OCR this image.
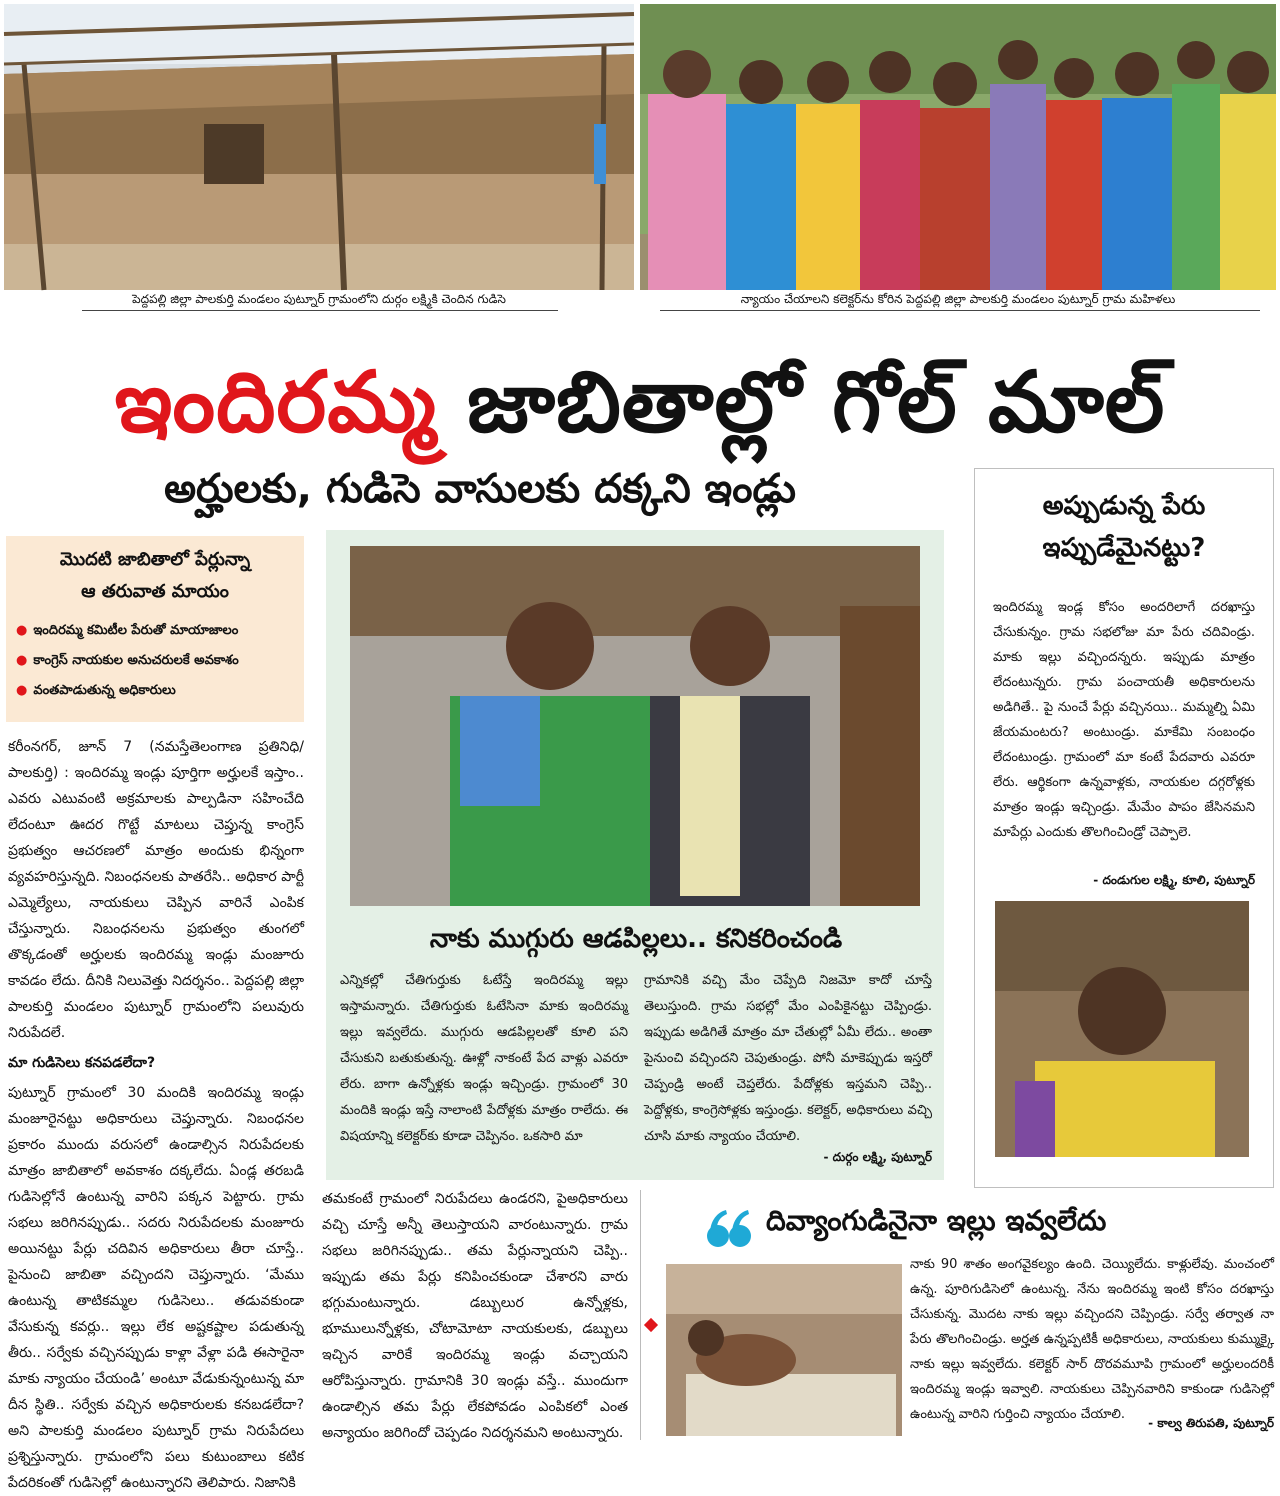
పెద్దపల్లి జిల్లా పాలకుర్తి మండలం పుట్నూర్ గ్రామంలోని దుర్గం లక్ష్మికి చెందిన గుడిసె	న్యాయం చేయాలని కలెక్టర్‌ను కోరిన పెద్దపల్లి జిల్లా పాలకుర్తి మండలం పుట్నూర్ గ్రామ మహిళలు
ఇందిరమ్మ జాబితాల్లో గోల్ మాల్
అర్హులకు, గుడిసె వాసులకు దక్కని ఇండ్లు
మొదటి జాబితాలో పేర్లున్నా
ఆ తరువాత మాయం
● ఇందిరమ్మ కమిటీల పేరుతో మాయాజాలం
● కాంగ్రెస్ నాయకుల అనుచరులకే అవకాశం
● వంతపాడుతున్న అధికారులు

కరీంనగర్, జూన్ 7 (నమస్తేతెలంగాణ ప్రతినిధి/ పాలకుర్తి) : ఇందిరమ్మ ఇండ్లు పూర్తిగా అర్హులకే ఇస్తాం.. ఎవరు ఎటువంటి అక్రమాలకు పాల్పడినా సహించేది లేదంటూ ఊదర గొట్టే మాటలు చెప్తున్న కాంగ్రెస్ ప్రభుత్వం ఆచరణలో మాత్రం అందుకు భిన్నంగా వ్యవహరిస్తున్నది. నిబంధనలకు పాతరేసి.. అధికార పార్టీ ఎమ్మెల్యేలు, నాయకులు చెప్పిన వారినే ఎంపిక చేస్తున్నారు. నిబంధనలను ప్రభుత్వం తుంగలో తొక్కడంతో అర్హులకు ఇందిరమ్మ ఇండ్లు మంజూరు కావడం లేదు. దీనికి నిలువెత్తు నిదర్శనం.. పెద్దపల్లి జిల్లా పాలకుర్తి మండలం పుట్నూర్ గ్రామంలోని పలువురు నిరుపేదలే.

మా గుడిసెలు కనపడలేదా?

పుట్నూర్ గ్రామంలో 30 మందికి ఇందిరమ్మ ఇండ్లు మంజూరైనట్టు అధికారులు చెప్తున్నారు. నిబంధనల ప్రకారం ముందు వరుసలో ఉండాల్సిన నిరుపేదలకు మాత్రం జాబితాలో అవకాశం దక్కలేదు. ఏండ్ల తరబడి గుడిసెల్లోనే ఉంటున్న వారిని పక్కన పెట్టారు. గ్రామ సభలు జరిగినప్పుడు.. సదరు నిరుపేదలకు మంజూరు అయినట్టు పేర్లు చదివిన అధికారులు తీరా చూస్తే.. పైనుంచి జాబితా వచ్చిందని చెప్తున్నారు. ‘మేము ఉంటున్న తాటికమ్మల గుడిసెలు.. తడువకుండా వేసుకున్న కవర్లు.. ఇల్లు లేక అష్టకష్టాల పడుతున్న తీరు.. సర్వేకు వచ్చినప్పుడు కాళ్లా వేళ్లా పడి ఈసారైనా మాకు న్యాయం చేయండి’ అంటూ వేడుకున్నంటున్న మా దీన స్థితి.. సర్వేకు వచ్చిన అధికారులకు కనబడలేదా? అని పాలకుర్తి మండలం పుట్నూర్ గ్రామ నిరుపేదలు ప్రశ్నిస్తున్నారు. గ్రామంలోని పలు కుటుంబాలు కటిక పేదరికంతో గుడిసెల్లో ఉంటున్నారని తెలిపారు. నిజానికి

నాకు ముగ్గురు ఆడపిల్లలు.. కనికరించండి

ఎన్నికల్లో చేతిగుర్తుకు ఓటేస్తే ఇందిరమ్మ ఇల్లు ఇస్తామన్నారు. చేతిగుర్తుకు ఓటేసినా మాకు ఇందిరమ్మ ఇల్లు ఇవ్వలేదు. ముగ్గురు ఆడపిల్లలతో కూలి పని చేసుకుని బతుకుతున్న. ఊళ్లో నాకంటే పేద వాళ్లు ఎవరూ లేరు. బాగా ఉన్నోళ్లకు ఇండ్లు ఇచ్చిండ్రు. గ్రామంలో 30 మందికి ఇండ్లు ఇస్తే నాలాంటి పేదోళ్లకు మాత్రం రాలేదు. ఈ విషయాన్ని కలెక్టర్‌కు కూడా చెప్పినం. ఒకసారి మా

గ్రామానికి వచ్చి మేం చెప్పేది నిజమో కాదో చూస్తే తెలుస్తుంది. గ్రామ సభల్లో మేం ఎంపికైనట్టు చెప్పిండ్రు. ఇప్పుడు అడిగితే మాత్రం మా చేతుల్లో ఏమీ లేదు.. అంతా పైనుంచి వచ్చిందని చెపుతుండ్రు. పోనీ మాకెప్పుడు ఇస్తరో చెప్పండ్రి అంటే చెప్తలేరు. పేదోళ్లకు ఇస్తమని చెప్పి.. పెద్దోళ్లకు, కాంగ్రెసోళ్లకు ఇస్తుండ్రు. కలెక్టర్, అధికారులు వచ్చి చూసి మాకు న్యాయం చేయాలి.

- దుర్గం లక్ష్మి, పుట్నూర్
అప్పుడున్న పేరు
ఇప్పుడేమైనట్టు?

ఇందిరమ్మ ఇండ్ల కోసం అందరిలాగే దరఖాస్తు చేసుకున్నం. గ్రామ సభలోజు మా పేరు చదివిండ్రు. మాకు ఇల్లు వచ్చిందన్నరు. ఇప్పుడు మాత్రం లేదంటున్నరు. గ్రామ పంచాయతీ అధికారులను అడిగితే.. పై నుంచే పేర్లు వచ్చినయి.. మమ్మల్ని ఏమి జేయమంటరు? అంటుండ్రు. మాకేమి సంబంధం లేదంటుండ్రు. గ్రామంలో మా కంటే పేదవారు ఎవరూ లేరు. ఆర్థికంగా ఉన్నవాళ్లకు, నాయకుల దగ్గరోళ్లకు మాత్రం ఇండ్లు ఇచ్చిండ్రు. మేమేం పాపం జేసినమని మాపేర్లు ఎందుకు తొలగించిండ్రో చెప్పాలె.

- దండుగుల లక్ష్మి, కూలి, పుట్నూర్

తమకంటే గ్రామంలో నిరుపేదలు ఉండరని, పైఅధికారులు వచ్చి చూస్తే అన్నీ తెలుస్తాయని వారంటున్నారు. గ్రామ సభలు జరిగినప్పుడు.. తమ పేర్లున్నాయని చెప్పి.. ఇప్పుడు తమ పేర్లు కనిపించకుండా చేశారని వారు భగ్గుమంటున్నారు. డబ్బులుర ఉన్నోళ్లకు, భూములున్నోళ్లకు, చోటామోటా నాయకులకు, డబ్బులు ఇచ్చిన వారికే ఇందిరమ్మ ఇండ్లు వచ్చాయని ఆరోపిస్తున్నారు. గ్రామానికి 30 ఇండ్లు వస్తే.. ముందుగా ఉండాల్సిన తమ పేర్లు లేకపోవడం ఎంపికలో ఎంత అన్యాయం జరిగిందో చెప్పడం నిదర్శనమని అంటున్నారు.

దివ్యాంగుడినైనా ఇల్లు ఇవ్వలేదు

నాకు 90 శాతం అంగవైకల్యం ఉంది. చెయ్యిలేదు. కాళ్లులేవు. మంచంలో ఉన్న. పూరిగుడిసెలో ఉంటున్న. నేను ఇందిరమ్మ ఇంటి కోసం దరఖాస్తు చేసుకున్న. మొదట నాకు ఇల్లు వచ్చిందని చెప్పిండ్రు. సర్వే తర్వాత నా పేరు తొలగించిండ్రు. అర్హత ఉన్నప్పటికీ అధికారులు, నాయకులు కుమ్ముక్కై నాకు ఇల్లు ఇవ్వలేదు. కలెక్టర్ సార్ దొరవమూపి గ్రామంలో అర్హులందరికీ ఇందిరమ్మ ఇండ్లు ఇవ్వాలి. నాయకులు చెప్పినవారిని కాకుండా గుడిసెల్లో ఉంటున్న వారిని గుర్తించి న్యాయం చేయాలి.

- కాల్వ తిరుపతి, పుట్నూర్
